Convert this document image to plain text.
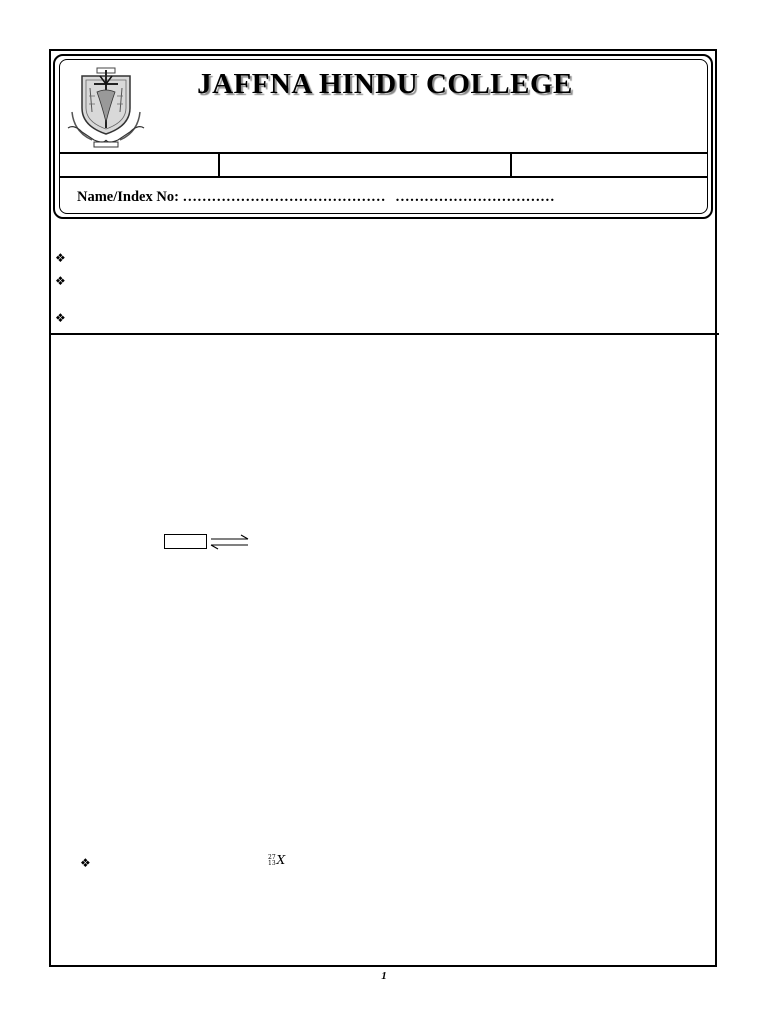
JAFFNA HINDU COLLEGE
Name/Index No: …………………………………… ……………………………
❖
❖
❖
❖	27
13X
1
